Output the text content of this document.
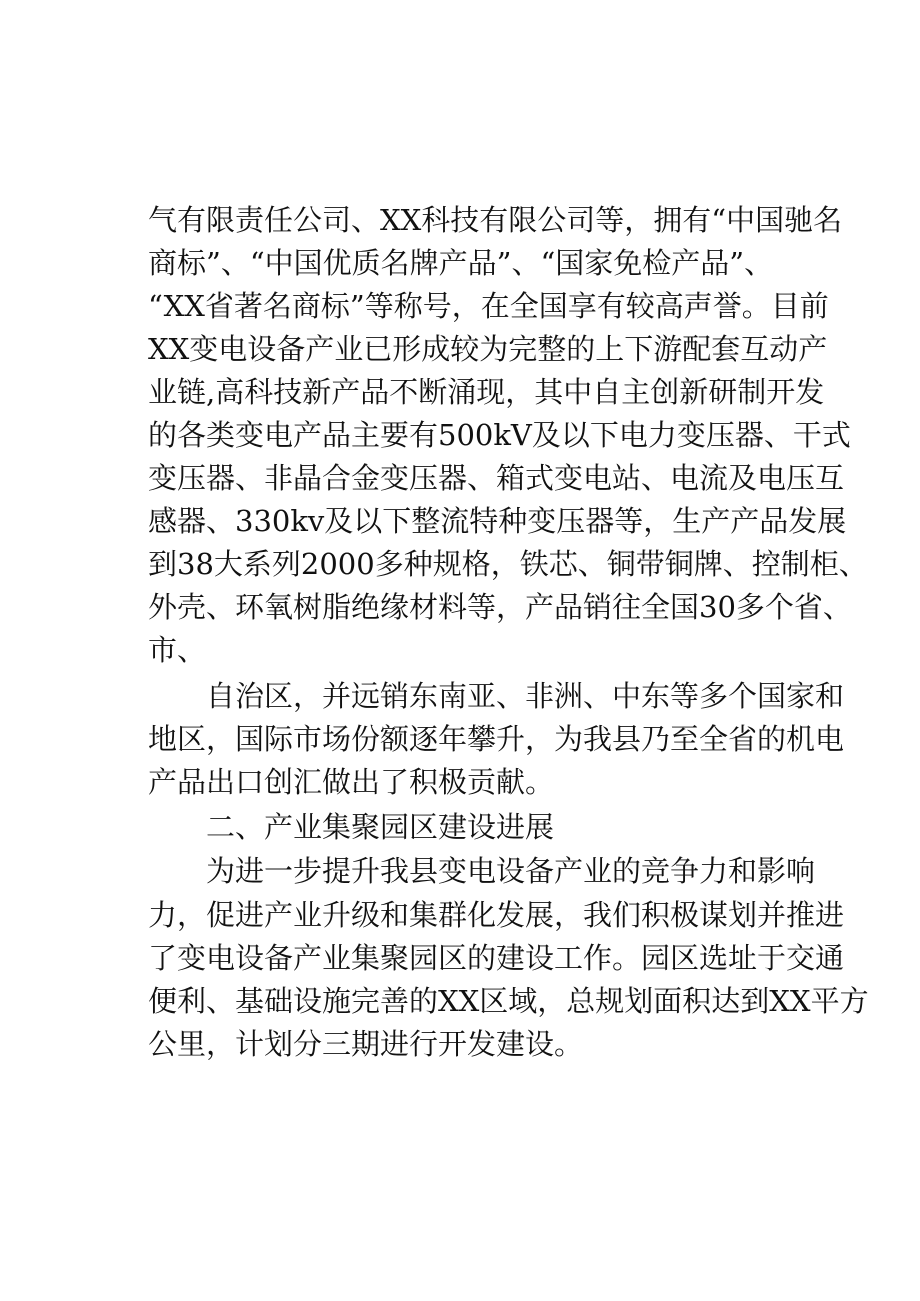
气有限责任公司、XX科技有限公司等，拥有“中国驰名
商标”、“中国优质名牌产品”、“国家免检产品”、
“XX省著名商标”等称号，在全国享有较高声誉。目前
XX变电设备产业已形成较为完整的上下游配套互动产
业链,高科技新产品不断涌现，其中自主创新研制开发
的各类变电产品主要有500kV及以下电力变压器、干式
变压器、非晶合金变压器、箱式变电站、电流及电压互
感器、330kv及以下整流特种变压器等，生产产品发展
到38大系列2000多种规格，铁芯、铜带铜牌、控制柜、
外壳、环氧树脂绝缘材料等，产品销往全国30多个省、
市、
自治区，并远销东南亚、非洲、中东等多个国家和
地区，国际市场份额逐年攀升，为我县乃至全省的机电
产品出口创汇做出了积极贡献。
二、产业集聚园区建设进展
为进一步提升我县变电设备产业的竞争力和影响
力，促进产业升级和集群化发展，我们积极谋划并推进
了变电设备产业集聚园区的建设工作。园区选址于交通
便利、基础设施完善的XX区域，总规划面积达到XX平方
公里，计划分三期进行开发建设。
